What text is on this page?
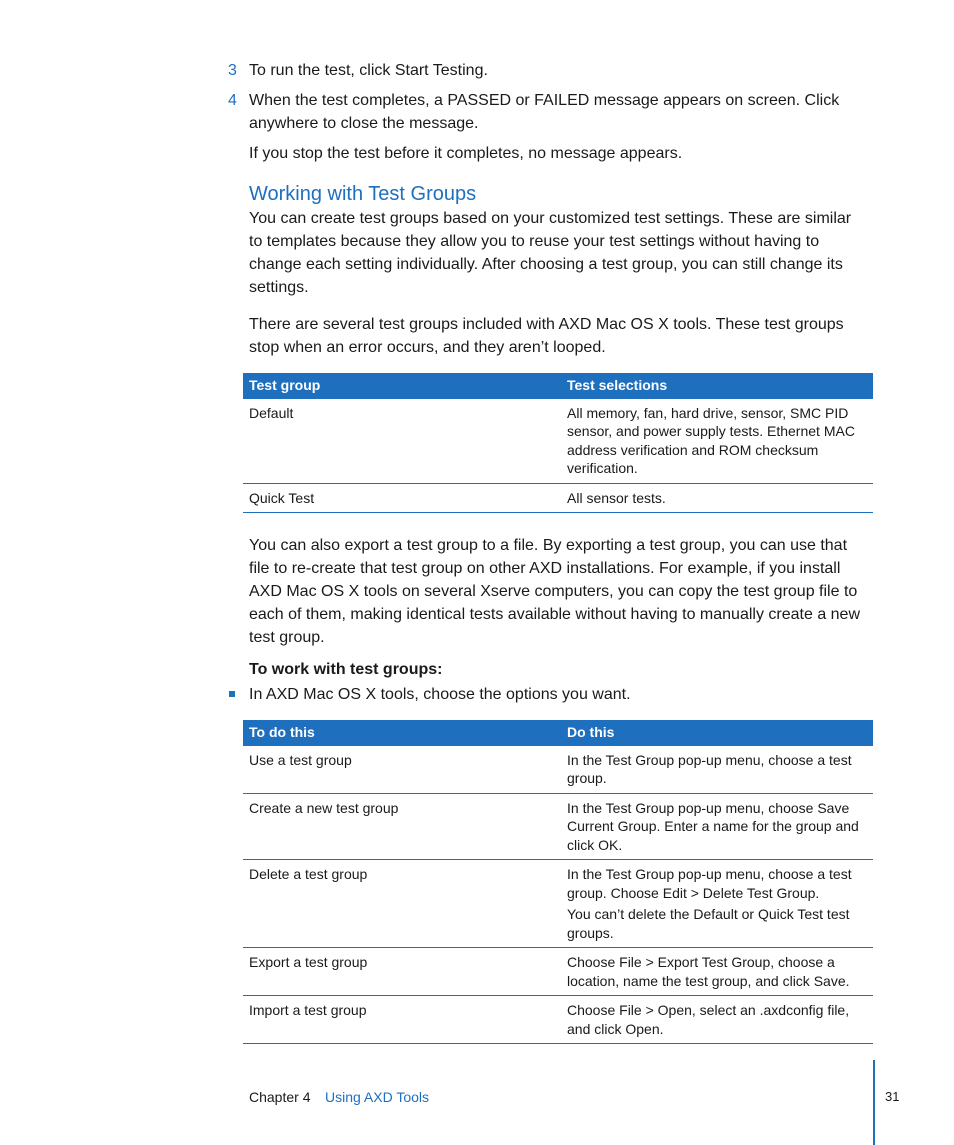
3 To run the test, click Start Testing.
4 When the test completes, a PASSED or FAILED message appears on screen. Click anywhere to close the message.
If you stop the test before it completes, no message appears.
Working with Test Groups
You can create test groups based on your customized test settings. These are similar to templates because they allow you to reuse your test settings without having to change each setting individually. After choosing a test group, you can still change its settings.
There are several test groups included with AXD Mac OS X tools. These test groups stop when an error occurs, and they aren’t looped.
Test group	Test selections
Default	All memory, fan, hard drive, sensor, SMC PID sensor, and power supply tests. Ethernet MAC address verification and ROM checksum verification.
Quick Test	All sensor tests.
You can also export a test group to a file. By exporting a test group, you can use that file to re-create that test group on other AXD installations. For example, if you install AXD Mac OS X tools on several Xserve computers, you can copy the test group file to each of them, making identical tests available without having to manually create a new test group.
To work with test groups:
In AXD Mac OS X tools, choose the options you want.
To do this	Do this
Use a test group	In the Test Group pop-up menu, choose a test group.

Create a new test group	In the Test Group pop-up menu, choose Save Current Group. Enter a name for the group and click OK.

Delete a test group	In the Test Group pop-up menu, choose a test group. Choose Edit > Delete Test Group.

You can’t delete the Default or Quick Test test groups.

Export a test group	Choose File > Export Test Group, choose a location, name the test group, and click Save.

Import a test group	Choose File > Open, select an .axdconfig file, and click Open.

Chapter 4 Using AXD Tools	31
